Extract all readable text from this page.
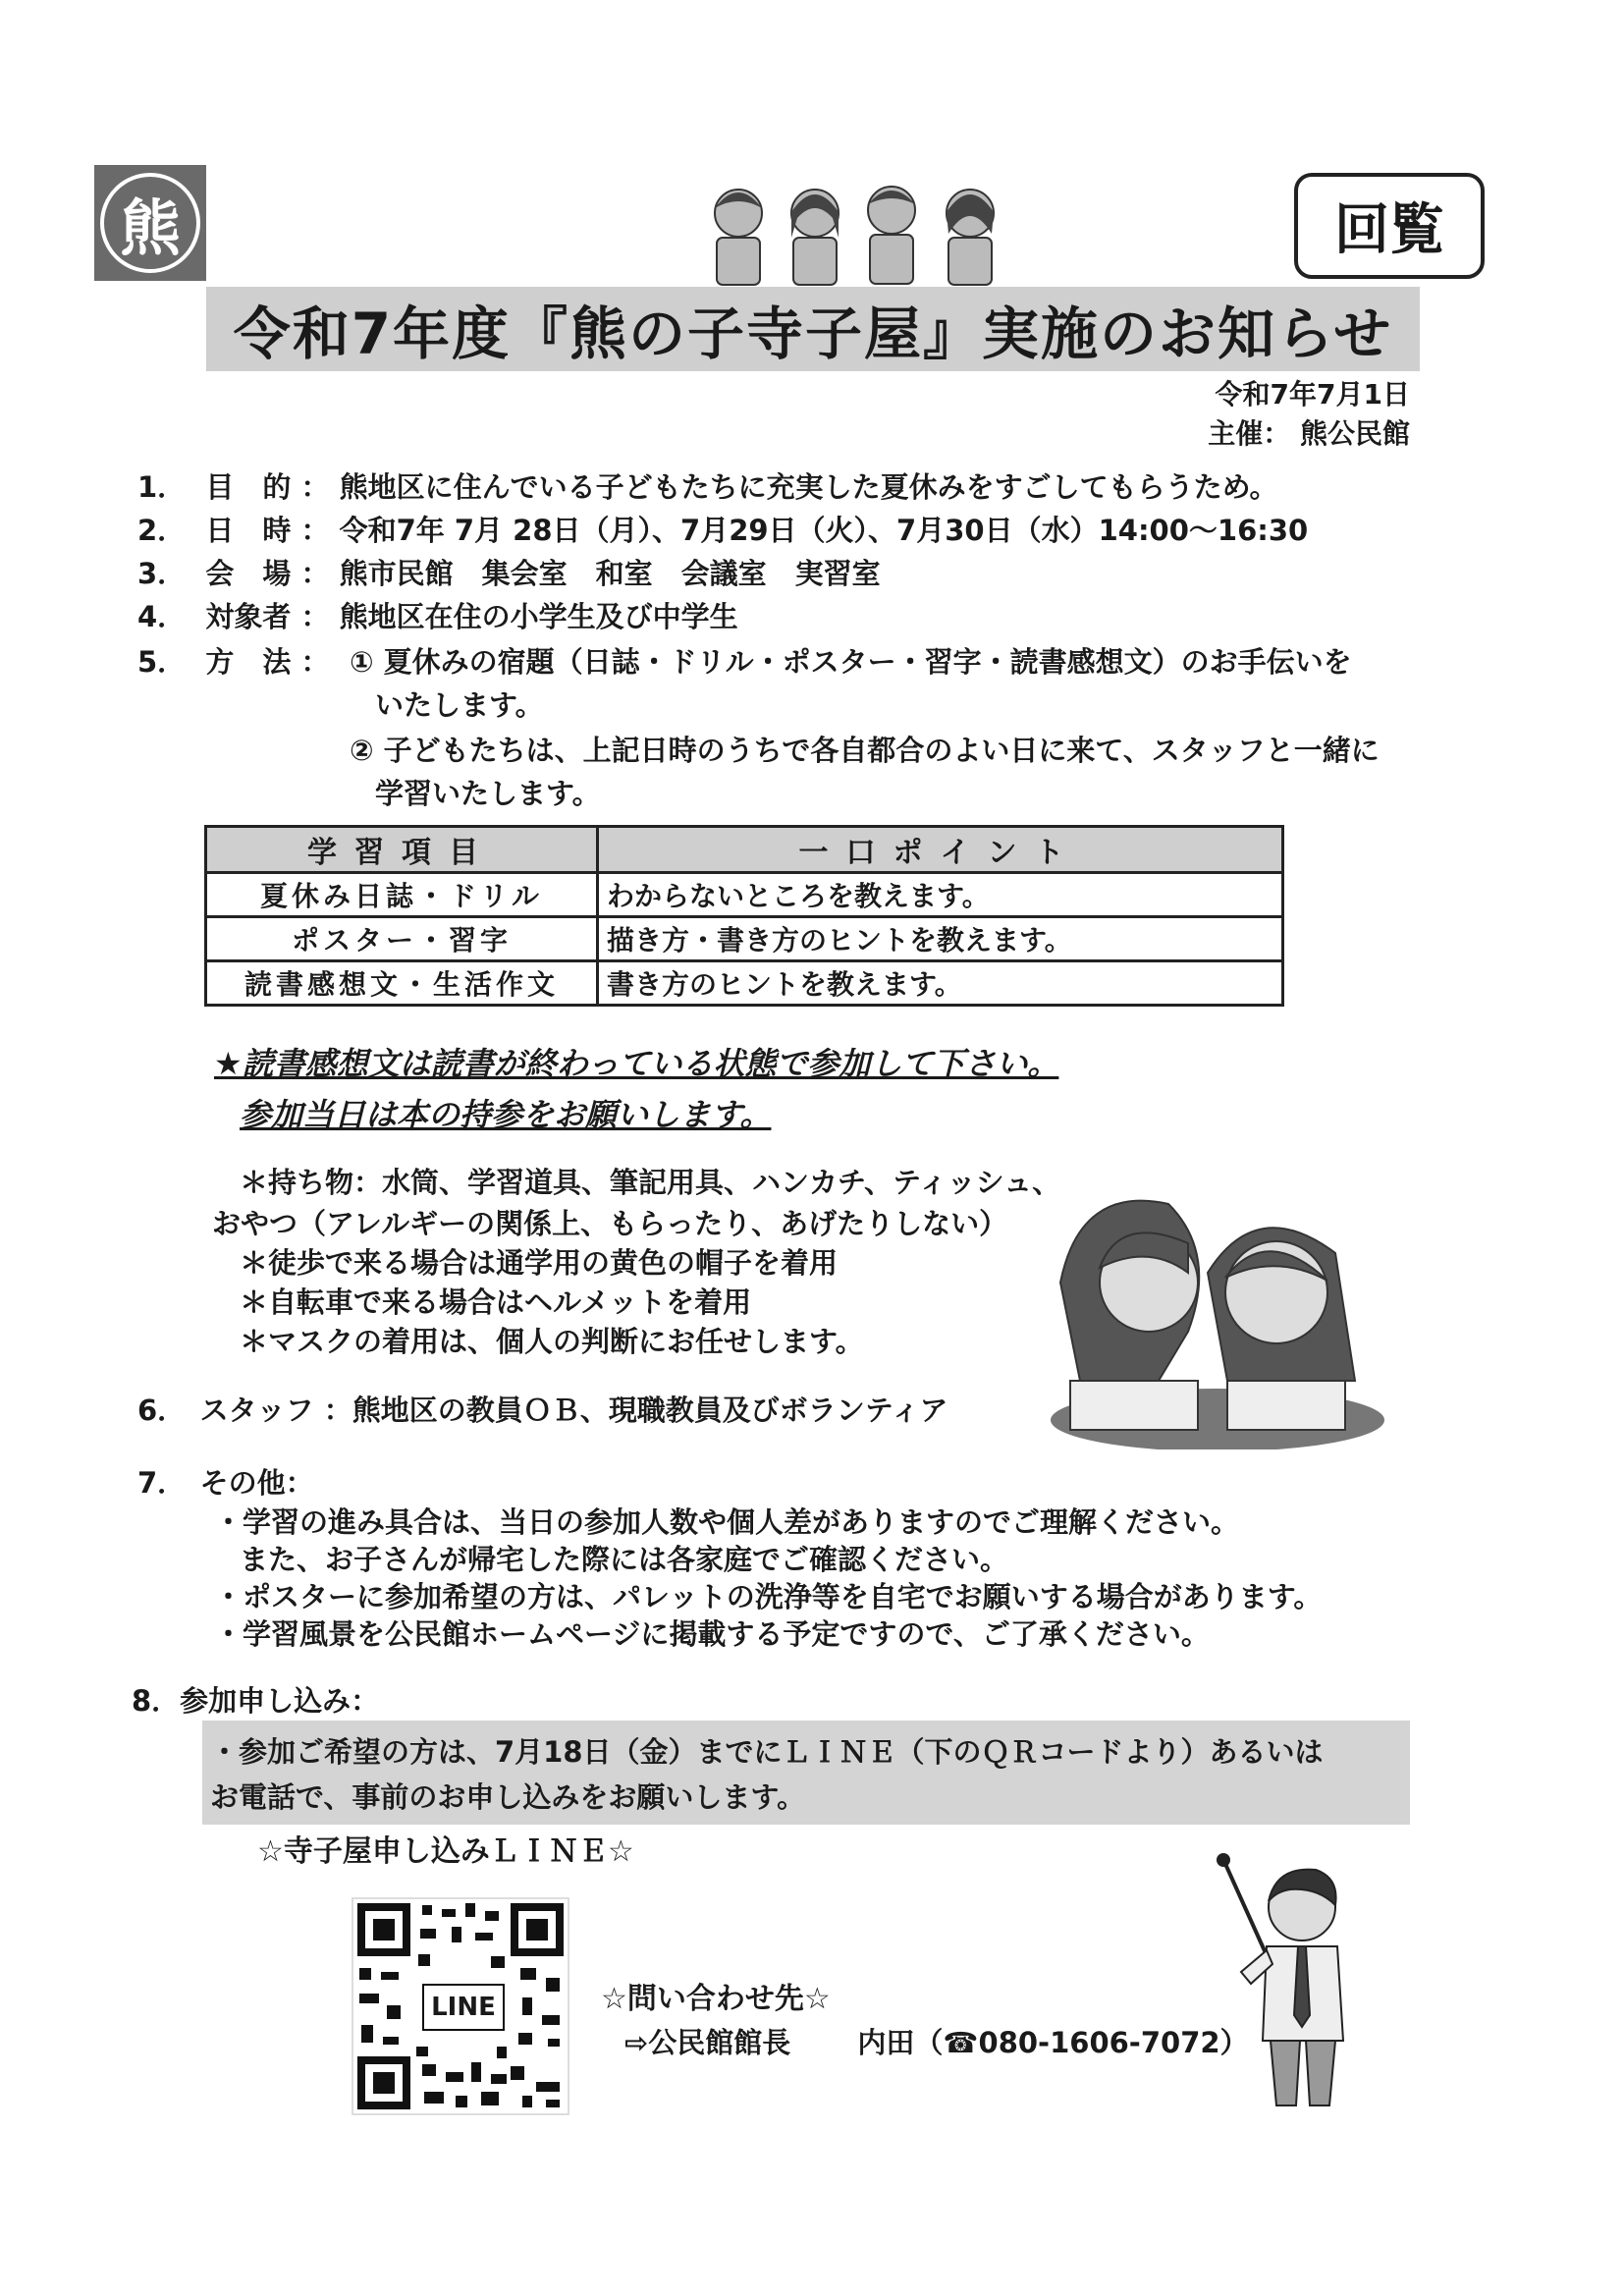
熊	回覧
令和7年度『熊の子寺子屋』実施のお知らせ
令和7年7月1日
主催： 熊公民館
1． 目　的 ： 熊地区に住んでいる子どもたちに充実した夏休みをすごしてもらうため。
2． 日　時 ： 令和7年 7月 28日（月）、7月29日（火）、7月30日（水）14:00～16:30
3． 会　場 ： 熊市民館　集会室　和室　会議室　実習室
4． 対象者 ： 熊地区在住の小学生及び中学生
5． 方　法 ： ① 夏休みの宿題（日誌・ドリル・ポスター・習字・読書感想文）のお手伝いを
いたします。
② 子どもたちは、上記日時のうちで各自都合のよい日に来て、スタッフと一緒に
学習いたします。
学習項目	一口ポイント
夏休み日誌・ドリル	わからないところを教えます。
ポスター・習字	描き方・書き方のヒントを教えます。
読書感想文・生活作文	書き方のヒントを教えます。
★読書感想文は読書が終わっている状態で参加して下さい。
参加当日は本の持参をお願いします。
＊持ち物：水筒、学習道具、筆記用具、ハンカチ、ティッシュ、
おやつ（アレルギーの関係上、もらったり、あげたりしない）
＊徒歩で来る場合は通学用の黄色の帽子を着用
＊自転車で来る場合はヘルメットを着用
＊マスクの着用は、個人の判断にお任せします。
6．　スタッフ ：熊地区の教員ＯＢ、現職教員及びボランティア
7．　その他：
・学習の進み具合は、当日の参加人数や個人差がありますのでご理解ください。
また、お子さんが帰宅した際には各家庭でご確認ください。
・ポスターに参加希望の方は、パレットの洗浄等を自宅でお願いする場合があります。
・学習風景を公民館ホームページに掲載する予定ですので、ご了承ください。
8．参加申し込み：
・参加ご希望の方は、7月18日（金）までにＬＩＮＥ（下のＱＲコードより）あるいは
お電話で、事前のお申し込みをお願いします。
☆寺子屋申し込みＬＩＮＥ☆
LINE	☆問い合わせ先☆
⇨公民館館長　　 内田（☎080-1606-7072）
